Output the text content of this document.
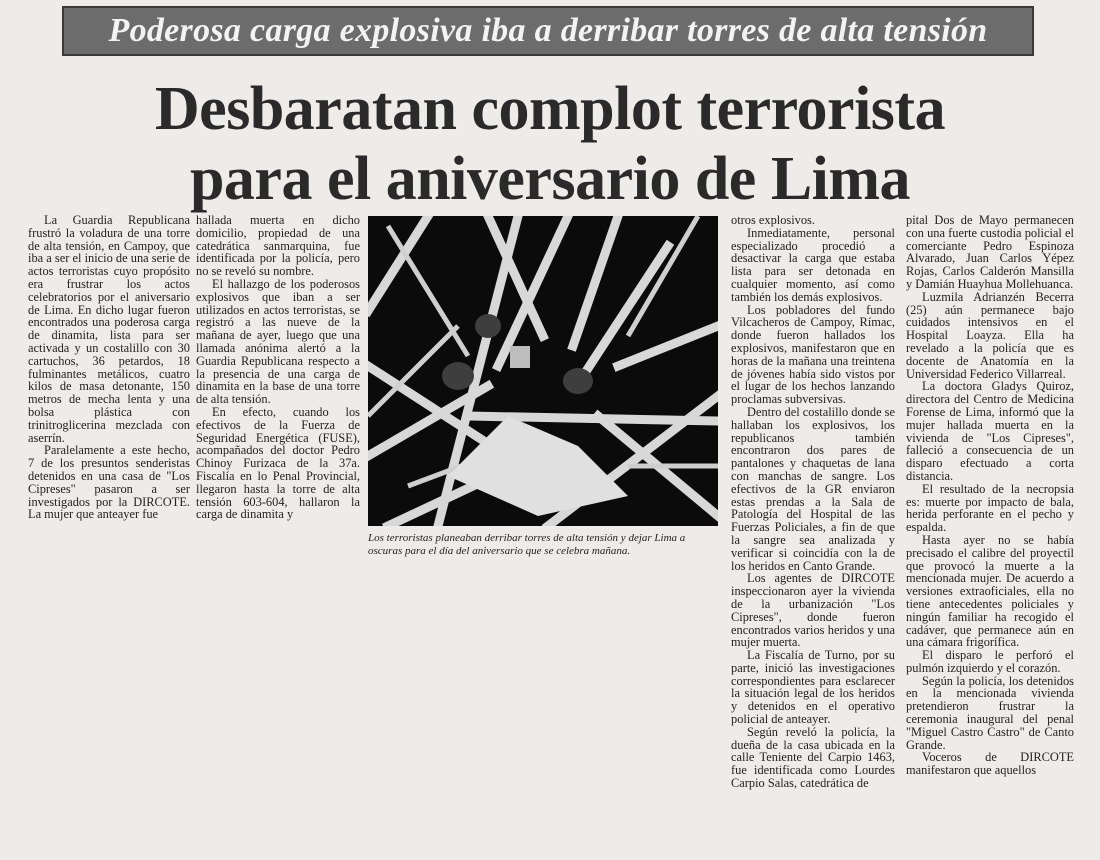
Poderosa carga explosiva iba a derribar torres de alta tensión
Desbaratan complot terrorista
para el aniversario de Lima

La Guardia Republicana frustró la voladura de una torre de alta tensión, en Campoy, que iba a ser el inicio de una serie de actos terroristas cuyo propósito era frustrar los actos celebratorios por el aniversario de Lima. En dicho lugar fueron encontrados una poderosa carga de dinamita, lista para ser activada y un costalillo con 30 cartuchos, 36 petardos, 18 fulminantes metálicos, cuatro kilos de masa detonante, 150 metros de mecha lenta y una bolsa plástica con trinitroglicerina mezclada con aserrín.

Paralelamente a este hecho, 7 de los presuntos senderistas detenidos en una casa de "Los Cipreses" pasaron a ser investigados por la DIRCOTE. La mujer que anteayer fue

hallada muerta en dicho domicilio, propiedad de una catedrática sanmarquina, fue identificada por la policía, pero no se reveló su nombre.

El hallazgo de los poderosos explosivos que iban a ser utilizados en actos terroristas, se registró a las nueve de la mañana de ayer, luego que una llamada anónima alertó a la Guardia Republicana respecto a la presencia de una carga de dinamita en la base de una torre de alta tensión.

En efecto, cuando los efectivos de la Fuerza de Seguridad Energética (FUSE), acompañados del doctor Pedro Chinoy Furizaca de la 37a. Fiscalía en lo Penal Provincial, llegaron hasta la torre de alta tensión 603-604, hallaron la carga de dinamita y

Los terroristas planeaban derribar torres de alta tensión y dejar Lima a oscuras para el día del aniversario que se celebra mañana.

otros explosivos.

Inmediatamente, personal especializado procedió a desactivar la carga que estaba lista para ser detonada en cualquier momento, así como también los demás explosivos.

Los pobladores del fundo Vilcacheros de Campoy, Rímac, donde fueron hallados los explosivos, manifestaron que en horas de la mañana una treintena de jóvenes había sido vistos por el lugar de los hechos lanzando proclamas subversivas.

Dentro del costalillo donde se hallaban los explosivos, los republicanos también encontraron dos pares de pantalones y chaquetas de lana con manchas de sangre. Los efectivos de la GR enviaron estas prendas a la Sala de Patología del Hospital de las Fuerzas Policiales, a fin de que la sangre sea analizada y verificar si coincidía con la de los heridos en Canto Grande.

Los agentes de DIRCOTE inspeccionaron ayer la vivienda de la urbanización "Los Cipreses", donde fueron encontrados varios heridos y una mujer muerta.

La Fiscalía de Turno, por su parte, inició las investigaciones correspondientes para esclarecer la situación legal de los heridos y detenidos en el operativo policial de anteayer.

Según reveló la policía, la dueña de la casa ubicada en la calle Teniente del Carpio 1463, fue identificada como Lourdes Carpio Salas, catedrática de

pital Dos de Mayo permanecen con una fuerte custodia policial el comerciante Pedro Espinoza Alvarado, Juan Carlos Yépez Rojas, Carlos Calderón Mansilla y Damián Huayhua Mollehuanca.

Luzmila Adrianzén Becerra (25) aún permanece bajo cuidados intensivos en el Hospital Loayza. Ella ha revelado a la policía que es docente de Anatomía en la Universidad Federico Villarreal.

La doctora Gladys Quiroz, directora del Centro de Medicina Forense de Lima, informó que la mujer hallada muerta en la vivienda de "Los Cipreses", falleció a consecuencia de un disparo efectuado a corta distancia.

El resultado de la necropsia es: muerte por impacto de bala, herida perforante en el pecho y espalda.

Hasta ayer no se había precisado el calibre del proyectil que provocó la muerte a la mencionada mujer. De acuerdo a versiones extraoficiales, ella no tiene antecedentes policiales y ningún familiar ha recogido el cadáver, que permanece aún en una cámara frigorífica.

El disparo le perforó el pulmón izquierdo y el corazón.

Según la policía, los detenidos en la mencionada vivienda pretendieron frustrar la ceremonia inaugural del penal "Miguel Castro Castro" de Canto Grande.

Voceros de DIRCOTE manifestaron que aquellos
